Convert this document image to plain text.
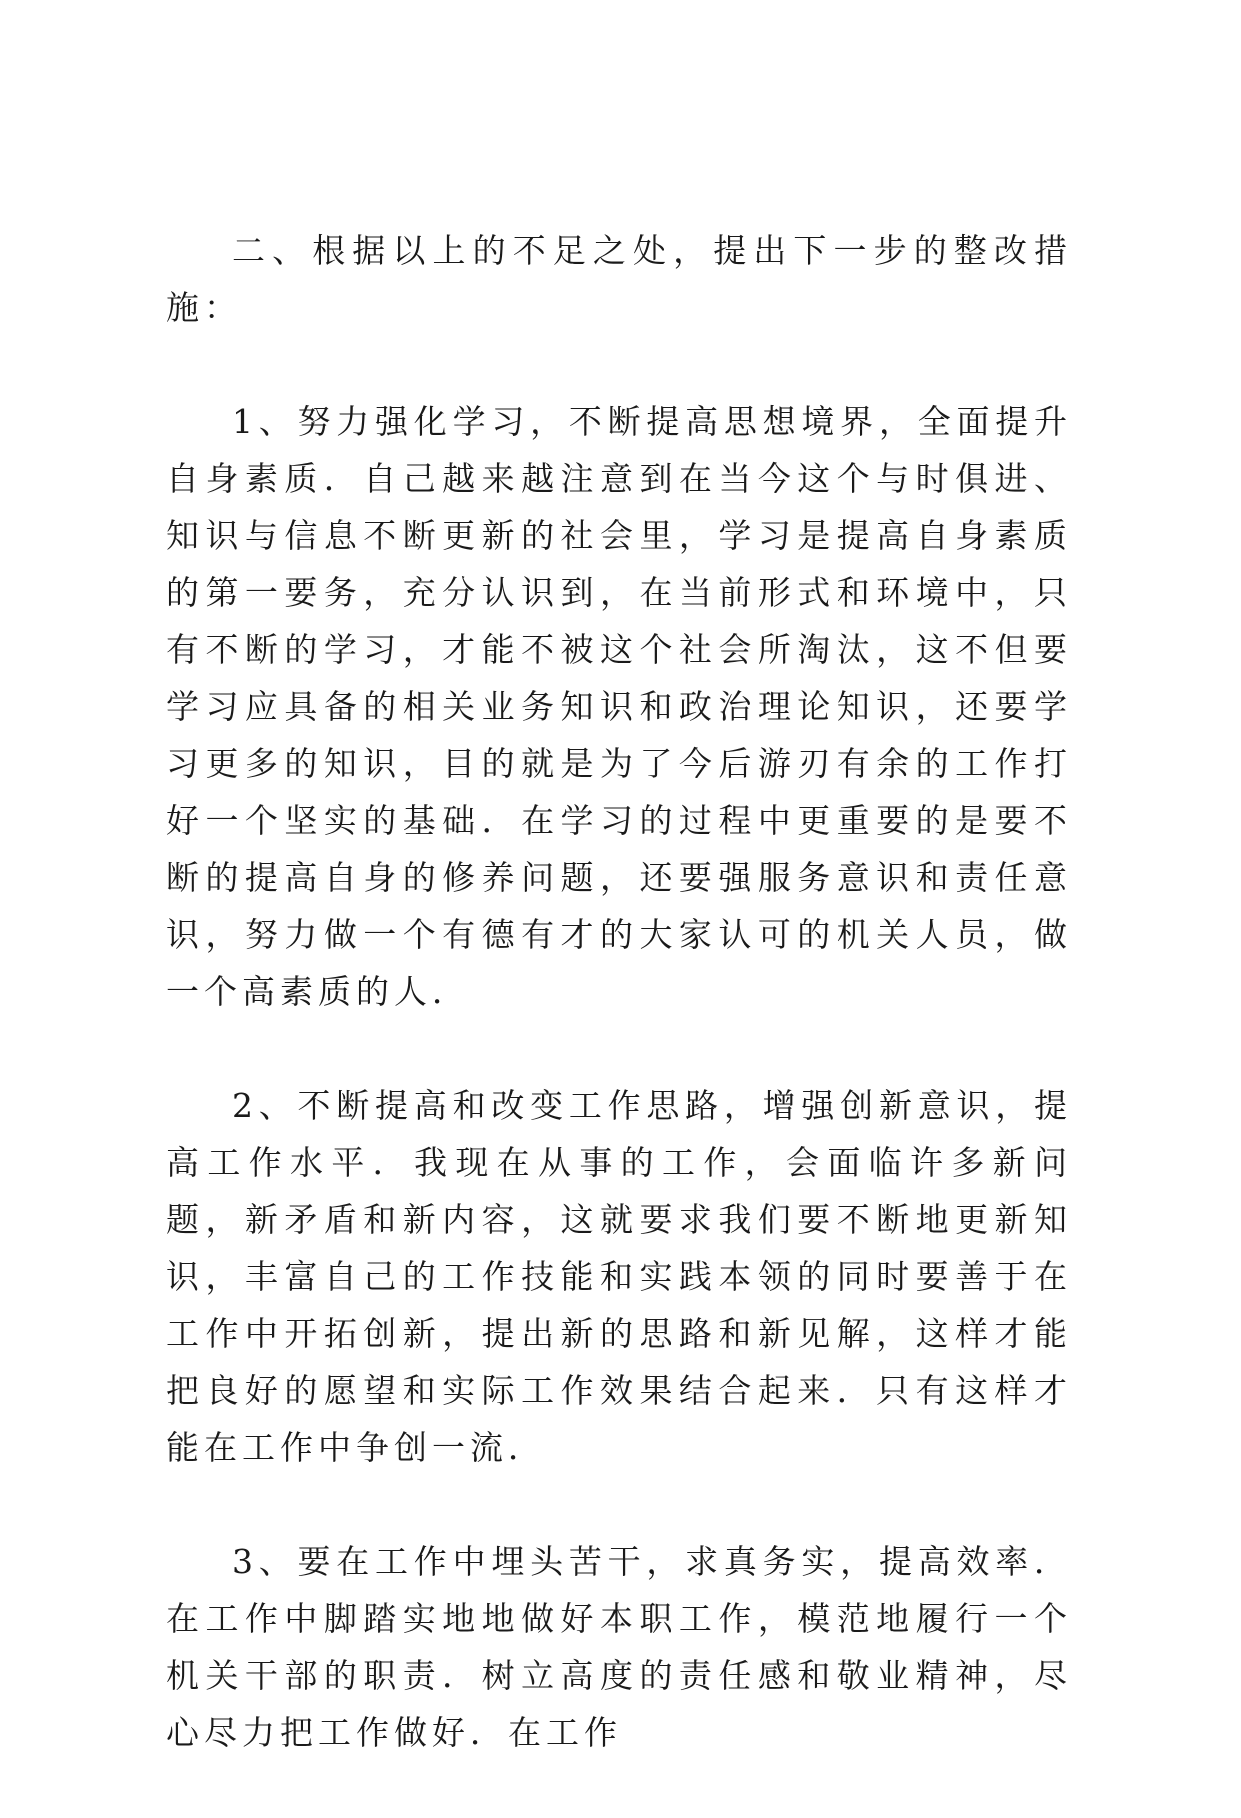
二、根据以上的不足之处，提出下一步的整改措施：

1、努力强化学习，不断提高思想境界，全面提升自身素质．自己越来越注意到在当今这个与时俱进、知识与信息不断更新的社会里，学习是提高自身素质的第一要务，充分认识到，在当前形式和环境中，只有不断的学习，才能不被这个社会所淘汰，这不但要学习应具备的相关业务知识和政治理论知识，还要学习更多的知识，目的就是为了今后游刃有余的工作打好一个坚实的基础．在学习的过程中更重要的是要不断的提高自身的修养问题，还要强服务意识和责任意识，努力做一个有德有才的大家认可的机关人员，做一个高素质的人．

2、不断提高和改变工作思路，增强创新意识，提高工作水平．我现在从事的工作，会面临许多新问题，新矛盾和新内容，这就要求我们要不断地更新知识，丰富自己的工作技能和实践本领的同时要善于在工作中开拓创新，提出新的思路和新见解，这样才能把良好的愿望和实际工作效果结合起来．只有这样才能在工作中争创一流．

3、要在工作中埋头苦干，求真务实，提高效率．在工作中脚踏实地地做好本职工作，模范地履行一个机关干部的职责．树立高度的责任感和敬业精神，尽心尽力把工作做好．在工作
